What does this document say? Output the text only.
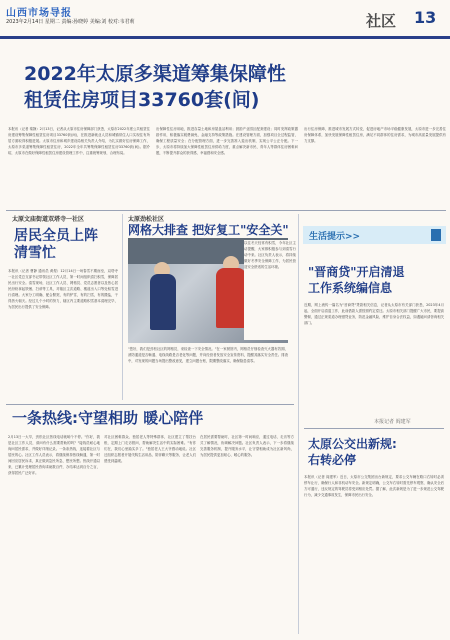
山西市场导报
2023年2月14日 星期二 责编:孙晓婷 美编:刘 校对:韦君莉	社区 13
2022年太原多渠道筹集保障性
租赁住房项目33760套(间)
本报讯（记者 秦静）2月13日，记者从太原市住房保障部门获悉，太原市2022年度公共租赁住房建设筹集保障性租赁住房项目33760套(间)，在推进新就业人员和城镇常住人口实现住有所居方面取得积极进展。太原市住房和城乡建设局相关负责人介绍，为扎实做好住房保障工作，太原市多渠道筹集保障性租赁住房，2022年全年共筹集保障性租赁住房33760套(间)。据介绍，太原市在做好保障性租赁住房建设管理工作中，注重统筹规划，合理布局。
出保障性住房用地，推进存量土地和房屋盘活利用；鼓励产业园区配套建设；同时发挥政策激励作用，积极落实税费减免、金融支持等政策措施。在建设管理方面，加强项目全过程监管，确保工程质量安全；在分配管理方面，进一步完善准入退出机制，实现公平公正分配。下一步，太原市将持续加大保障性租赁住房供给力度，重点解决新市民、青年人等群体住房困难问题，不断提升群众的获得感、幸福感和安全感。
出行住房保障，推进城市发展方式转变，促进房地产市场平稳健康发展，太原市进一步完善住房保障体系，加快发展保障性租赁住房，满足不同群体的住房需求，为城市高质量发展提供有力支撑。
太原文庙街道双塔寺一社区
居民全员上阵
清雪忙
本报讯（记者 曹静 通讯员 黄煜）12月14日一场春雪不期而至，双塔寺一社区党总支部书记带领社区工作人员，第一时间组织清扫积雪，保障居民出行安全。清雪现场，社区工作人员、网格员、党员志愿者以及热心居民纷纷拿起铁锹、扫帚等工具，对辖区主次道路、楼道出入口等处积雪进行清理。大家分工明确、配合默契，有的铲雪，有的扫雪，有的撒盐，干得热火朝天。经过几个小时的努力，辖区内主要道路积雪基本清理完毕，为居民出行提供了安全保障。
太原劲松社区
网格大排查 把好复工"安全关"
"您好，我们是劲松社区的网格员，来检查一下安全情况。"在一家餐馆内，网格员仔细检查灭火器有效期、消防通道是否畅通、电线线路是否老化等问题，并向经营者发放安全宣传资料，提醒其落实安全责任。排查中，对发现的问题当场提出整改意见，建立问题台账，限期整改落实，确保隐患清零。
以往冬天经常有积雪，今年社区主动提醒，大家都积极参与到清雪行动中来。社区负责人表示，将持续做好冬季安全保障工作，为居民营造安全舒适的生活环境。
生活提示>>
"晋商贷"开启清退
工作系统编信息
近期，网上流传一篇名为"晋商贷"贷款相关信息，记者从太原市有关部门获悉，2023年4月起，全面开启清退工作，此前借款人需按照约定偿还。太原市相关部门提醒广大市民，要提高警惕，通过正规渠道办理借贷业务，防范金融风险，维护自身合法权益，如遇疑问请咨询相关部门。
本报记者 阎建军
太原公交出新规:
右转必停
本报讯（记者 阎建军）近日，太原市公交集团出台新规定，要求公交车辆在路口右转时必须停车让行，确保行人和非机动车安全。新规定明确，公交车右转时需先停车观察，确认安全后方可通行，违反规定的驾驶员将受到相应处罚。据了解，此次新规是为了进一步规范公交驾驶行为，减少交通事故发生，保障市民出行安全。
一条热线:守望相助 暖心陪伴
2月13日一大早，劲松社区热线电话就响个不停。"你好，我是社区工作人员，请问有什么需要帮助的吗？"接线员耐心地询问居民需求，并做好详细记录。一条条热线，连接着社区与居民的心。社区工作人员表示，将继续保持热线畅通，第一时间回应居民诉求，真正做到急民所急、想民所想。热线开通以来，已累计受理居民咨询求助数百件，办结率达到百分之百，获得居民广泛好评。
对社区困难群众、独居老人等特殊群体，社区建立了帮扶台账，定期上门走访慰问，帮助解决生活中的实际困难。"有你们在，我们心里踏实多了。"独居老人王大爷感动地说。社区还组织志愿者开展代购生活用品、陪伴聊天等服务，让老人们感受到温暖。
在居民需要帮助时，社区第一时间响应，通过电话、走访等方式了解情况，协调解决问题。社区负责人表示，下一步将继续完善服务机制，提升服务水平，让守望相助成为社区新风尚，为居民提供更加贴心、暖心的服务。
